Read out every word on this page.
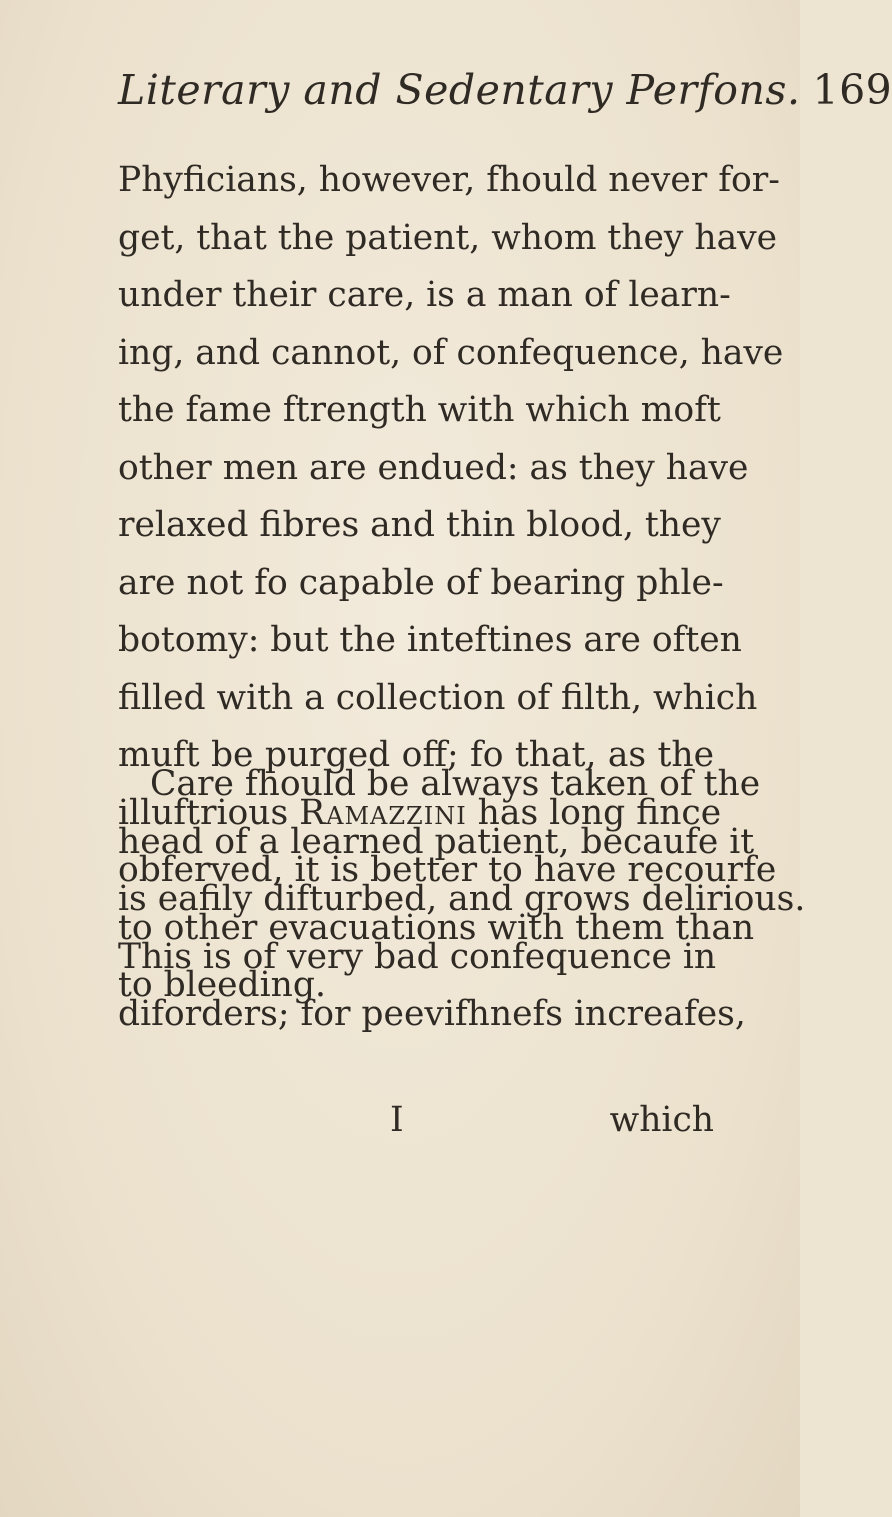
Literary and Sedentary Perfons. 169
Phyficians, however, fhould never for-
get, that the patient, whom they have
under their care, is a man of learn-
ing, and cannot, of confequence, have
the fame ftrength with which moft
other men are endued: as they have
relaxed fibres and thin blood, they
are not fo capable of bearing phle-
botomy: but the inteftines are often
filled with a collection of filth, which
muft be purged off; fo that, as the
illuftrious Ramazzini has long fince
obferved, it is better to have recourfe
to other evacuations with them than
to bleeding.
Care fhould be always taken of the
head of a learned patient, becaufe it
is eafily difturbed, and grows delirious.
This is of very bad confequence in
diforders; for peevifhnefs increafes,
I	which
